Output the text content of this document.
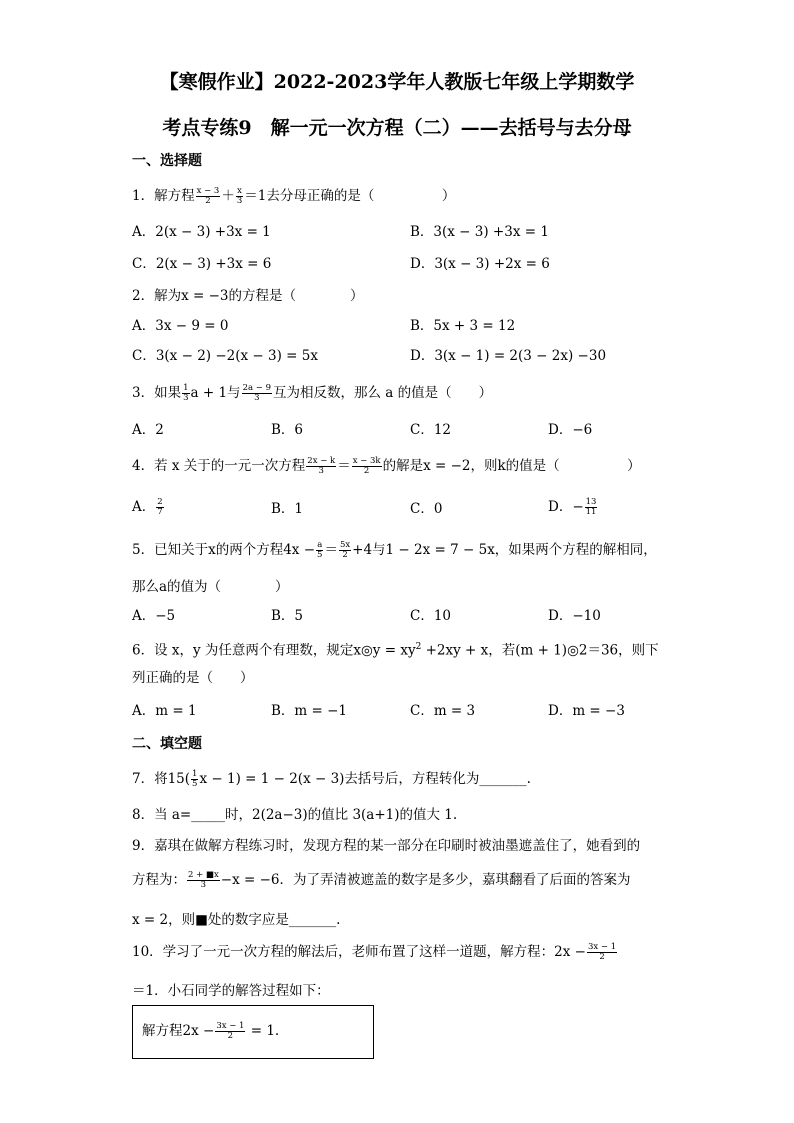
【寒假作业】2022-2023学年人教版七年级上学期数学
考点专练9　解一元一次方程（二）——去括号与去分母
一、选择题
1．解方程 $\frac{x - 3}{2} + \frac{x}{3} =1$去分母正确的是（　　　　　）
A．2(x − 3) +3x = 1	B．3(x − 3) +3x = 1
C．2(x − 3) +3x = 6	D．3(x − 3) +2x = 6
2．解为x = −3的方程是（　　　　）
A．3x − 9 = 0	B．5x + 3 = 12
C．3(x − 2) −2(x − 3) = 5x	D．3(x − 1) = 2(3 − 2x) −30
3．如果 $\frac{1}{3}$ a + 1与 $\frac{2a - 9}{3}$ 互为相反数，那么 a 的值是（　　）
A．2	B．6	C．12	D．−6
4．若 x 关于的一元一次方程 $\frac{2x - k}{3} = \frac{x - 3k}{2}$ 的解是x = −2，则k的值是（　　　　　）
A． $\frac{2}{7}$	B．1	C．0	D．− $\frac{13}{11}$
5．已知关于x的两个方程$4x - \frac{a}{5} = \frac{5x}{2} +4$与1 − 2x = 7 − 5x，如果两个方程的解相同，
那么a的值为（　　　　）
A．−5	B．5	C．10	D．−10
6．设 x，y 为任意两个有理数，规定x◎y = $xy^2 +2xy + x$，若(m + 1)◎2＝36，则下
列正确的是（　　）
A．m = 1	B．m = −1	C．m = 3	D．m = −3
二、填空题
7．将$15( \frac{1}{5}$ x − 1) = 1 − 2(x − 3)去括号后，方程转化为_______.
8．当 a=_____时，2(2a−3)的值比 3(a+1)的值大 1.
9．嘉琪在做解方程练习时，发现方程的某一部分在印刷时被油墨遮盖住了，她看到的
方程为： $\frac{2 + ■x}{3} -x = -6$．为了弄清被遮盖的数字是多少，嘉琪翻看了后面的答案为
x = 2，则■处的数字应是_______.
10．学习了一元一次方程的解法后，老师布置了这样一道题，解方程：$2x - \frac{3x - 1}{2}$
＝1．小石同学的解答过程如下：
解方程$2x - \frac{3x - 1}{2} = 1$.
